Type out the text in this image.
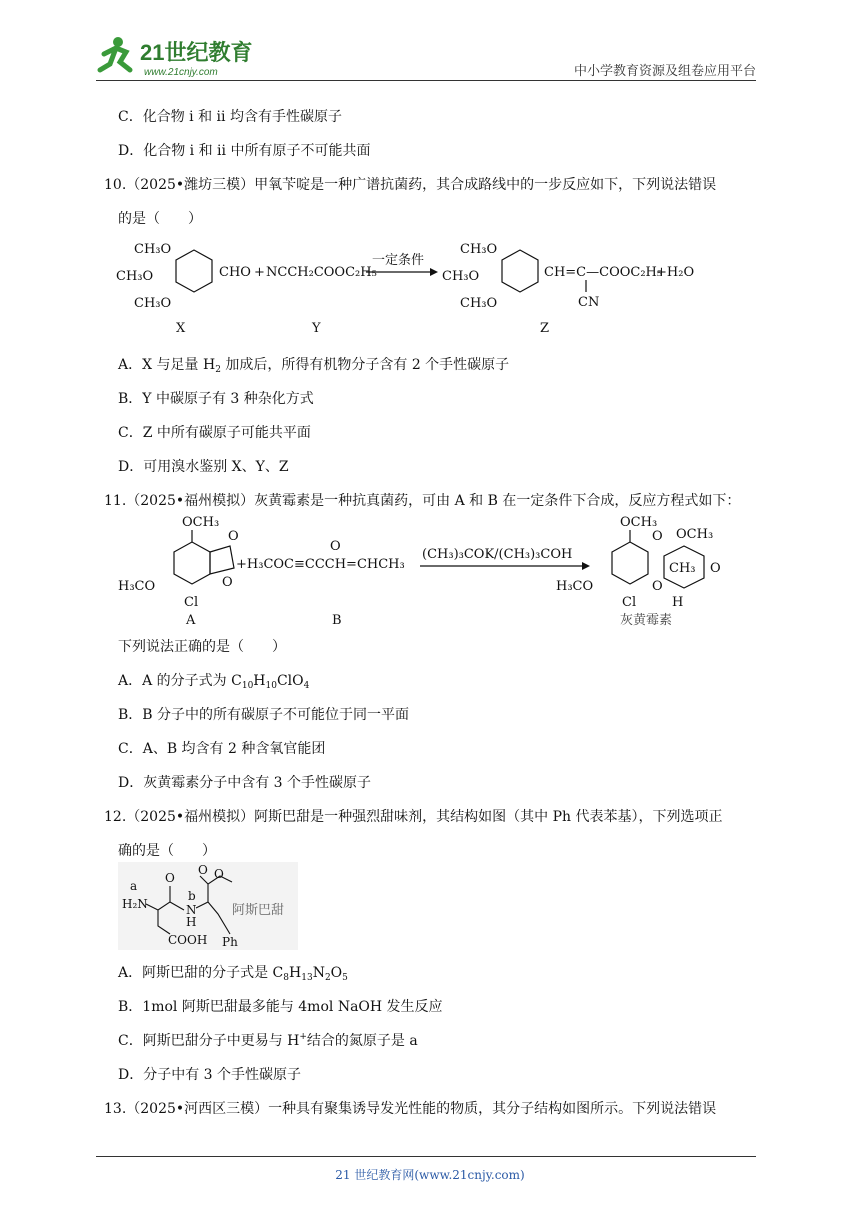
21世纪教育
www.21cnjy.com	中小学教育资源及组卷应用平台
C．化合物 i 和 ii 均含有手性碳原子
D．化合物 i 和 ii 中所有原子不可能共面
10.（2025•潍坊三模）甲氧苄啶是一种广谱抗菌药，其合成路线中的一步反应如下，下列说法错误
的是（　　）
CH₃O
CH₃O
CH₃O
CHO + NCCH₂COOC₂H₅
一定条件
CH₃O
CH₃O
CH₃O
CH=C—COOC₂H₅
CN
+H₂O
X	Y	Z
A．X 与足量 $H_2$ 加成后，所得有机物分子含有 2 个手性碳原子
B．Y 中碳原子有 3 种杂化方式
C．Z 中所有碳原子可能共平面
D．可用溴水鉴别 X、Y、Z
11.（2025•福州模拟）灰黄霉素是一种抗真菌药，可由 A 和 B 在一定条件下合成，反应方程式如下：
OCH₃
O
O
H₃CO
Cl
A
+H₃COC≡CCCH=CHCH₃
O
B
(CH₃)₃COK/(CH₃)₃COH
OCH₃
O OCH₃
CH₃ O
H₃CO	O
Cl	H
灰黄霉素
下列说法正确的是（　　）
A．A 的分子式为 $C_{10}H_{10}ClO_4$
B．B 分子中的所有碳原子不可能位于同一平面
C．A、B 均含有 2 种含氧官能团
D．灰黄霉素分子中含有 3 个手性碳原子
12.（2025•福州模拟）阿斯巴甜是一种强烈甜味剂，其结构如图（其中 Ph 代表苯基），下列选项正
确的是（　　）
a
H₂N
O
b
N
H
COOH
O O
Ph
阿斯巴甜
A．阿斯巴甜的分子式是 $C_8H_{13}N_2O_5$
B．1mol 阿斯巴甜最多能与 4mol NaOH 发生反应
C．阿斯巴甜分子中更易与 H+结合的氮原子是 a
D．分子中有 3 个手性碳原子
13.（2025•河西区三模）一种具有聚集诱导发光性能的物质，其分子结构如图所示。下列说法错误
21 世纪教育网(www.21cnjy.com)
